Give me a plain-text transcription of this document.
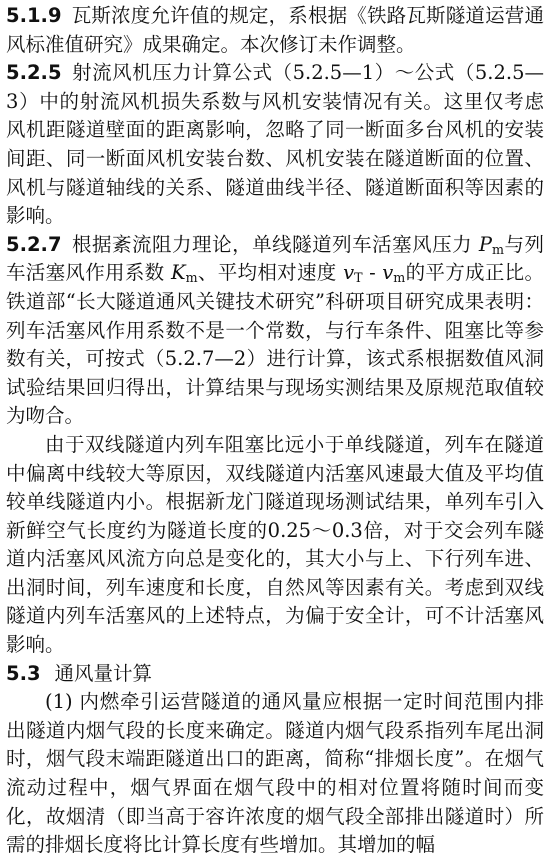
5.1.9 瓦斯浓度允许值的规定，系根据《铁路瓦斯隧道运营通风标准值研究》成果确定。本次修订未作调整。

5.2.5 射流风机压力计算公式（5.2.5—1）～公式（5.2.5—3）中的射流风机损失系数与风机安装情况有关。这里仅考虑风机距隧道壁面的距离影响，忽略了同一断面多台风机的安装间距、同一断面风机安装台数、风机安装在隧道断面的位置、风机与隧道轴线的关系、隧道曲线半径、隧道断面积等因素的影响。

5.2.7 根据紊流阻力理论，单线隧道列车活塞风压力 $P_m$与列车活塞风作用系数 $K_m$、平均相对速度 $v_T - v_m$的平方成正比。铁道部“长大隧道通风关键技术研究”科研项目研究成果表明：列车活塞风作用系数不是一个常数，与行车条件、阻塞比等参数有关，可按式（5.2.7—2）进行计算，该式系根据数值风洞试验结果回归得出，计算结果与现场实测结果及原规范取值较为吻合。

由于双线隧道内列车阻塞比远小于单线隧道，列车在隧道中偏离中线较大等原因，双线隧道内活塞风速最大值及平均值较单线隧道内小。根据新龙门隧道现场测试结果，单列车引入新鲜空气长度约为隧道长度的0.25～0.3倍，对于交会列车隧道内活塞风风流方向总是变化的，其大小与上、下行列车进、出洞时间，列车速度和长度，自然风等因素有关。考虑到双线隧道内列车活塞风的上述特点，为偏于安全计，可不计活塞风影响。

5.3 通风量计算

(1) 内燃牵引运营隧道的通风量应根据一定时间范围内排出隧道内烟气段的长度来确定。隧道内烟气段系指列车尾出洞时，烟气段末端距隧道出口的距离，简称“排烟长度”。在烟气流动过程中，烟气界面在烟气段中的相对位置将随时间而变化，故烟清（即当高于容许浓度的烟气段全部排出隧道时）所需的排烟长度将比计算长度有些增加。其增加的幅
